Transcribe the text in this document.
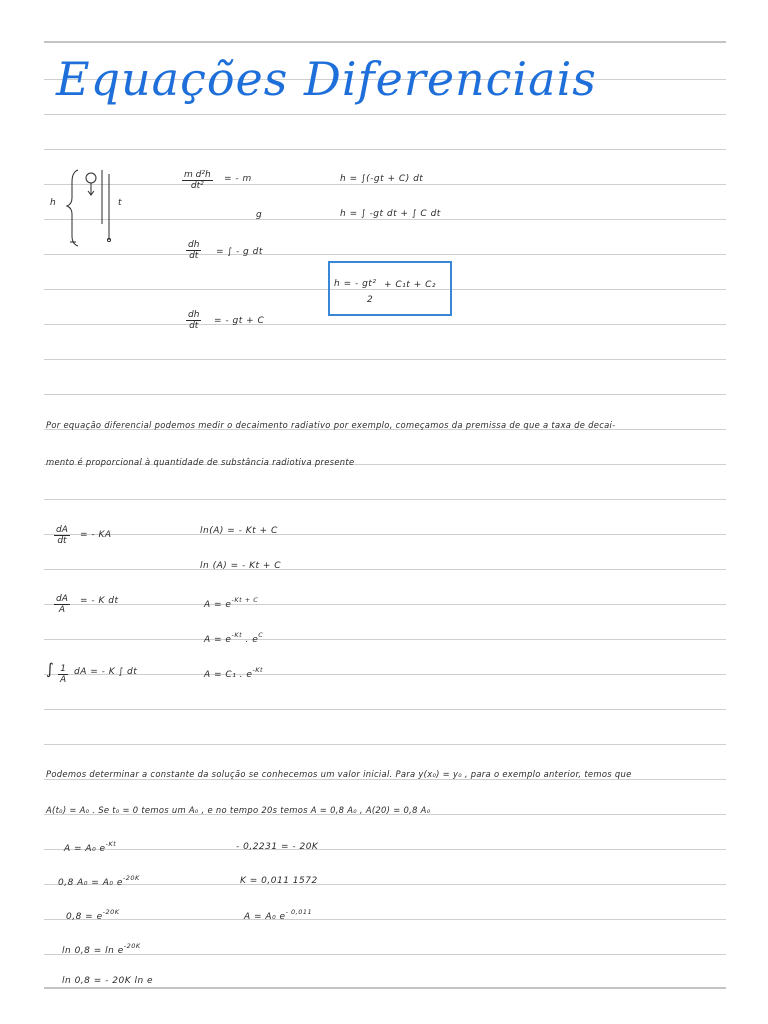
Equações Diferenciais
h	t
$\frac{\text{m d²h}}{\text{dt²}}$ = - m
g
$\frac{dh}{dt}$ = ∫ - g dt
$\frac{dh}{dt}$ = - gt + C
h = ∫(-gt + C) dt
h = ∫ -gt dt + ∫ C dt
h = - gt²
2
+ C₁t + C₂
Por equação diferencial podemos medir o decaimento radiativo por exemplo, começamos da premissa de que a taxa de decai-
mento é proporcional à quantidade de substância radiotiva presente
$\frac{dA}{dt}$ = - KA
$\frac{dA}{A}$ = - K dt
∫ $\frac{1}{A}$ dA = - K ∫ dt
ln(A) = - Kt + C
ln (A) = - Kt + C
$A = e^{-Kt + C}$
$A = e^{-Kt}$ . $e^C$
A = C₁ . $e^{-Kt}$
Podemos determinar a constante da solução se conhecemos um valor inicial. Para y(x₀) = y₀ , para o exemplo anterior, temos que
A(t₀) = A₀ . Se t₀ = 0 temos um A₀ , e no tempo 20s temos A = 0,8 A₀ , A(20) = 0,8 A₀
A = A₀ $e^{-Kt}$
0,8 A₀ = A₀ $e^{-20K}$
$0,8 = e^{-20K}$
$\ln 0,8 = \ln e^{-20K}$
ln 0,8 = - 20K ln e
- 0,2231 = - 20K
K = 0,011 1572
A = A₀ $e^{- 0,011}$
